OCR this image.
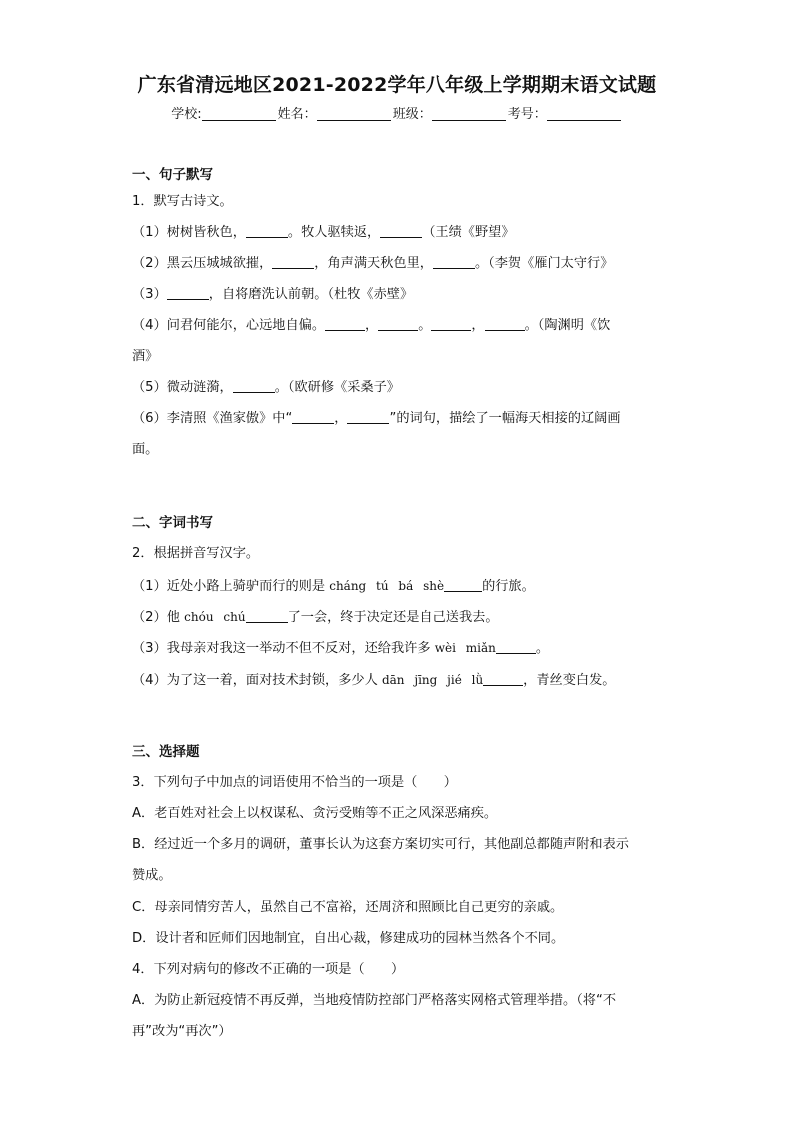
广东省清远地区2021-2022学年八年级上学期期末语文试题
学校:	姓名：	班级：	考号：
一、句子默写
1．默写古诗文。
（1）树树皆秋色，	。牧人驱犊返，	（王绩《野望》
（2）黑云压城城欲摧，	，角声满天秋色里，	。（李贺《雁门太守行》
（3）	，自将磨洗认前朝。（杜牧《赤壁》
（4）问君何能尔，心远地自偏。	，	。	，	。（陶渊明《饮
酒》
（5）微动涟漪，	。（欧研修《采桑子》
（6）李清照《渔家傲》中“	，	”的词句，描绘了一幅海天相接的辽阔画
面。
二、字词书写
2．根据拼音写汉字。
（1）近处小路上骑驴而行的则是 cháng tú bá shè	的行旅。
（2）他 chóu chú	了一会，终于决定还是自己送我去。
（3）我母亲对我这一举动不但不反对，还给我许多 wèi miǎn	。
（4）为了这一着，面对技术封锁，多少人 dān jīng jié lǜ	，青丝变白发。
三、选择题
3．下列句子中加点的词语使用不恰当的一项是（　　）
A．老百姓对社会上以权谋私、贪污受贿等不正之风深恶痛疾。
B．经过近一个多月的调研，董事长认为这套方案切实可行，其他副总都随声附和表示
赞成。
C．母亲同情穷苦人，虽然自己不富裕，还周济和照顾比自己更穷的亲戚。
D．设计者和匠师们因地制宜，自出心裁，修建成功的园林当然各个不同。
4．下列对病句的修改不正确的一项是（　　）
A．为防止新冠疫情不再反弹，当地疫情防控部门严格落实网格式管理举措。（将“不
再”改为“再次”）
